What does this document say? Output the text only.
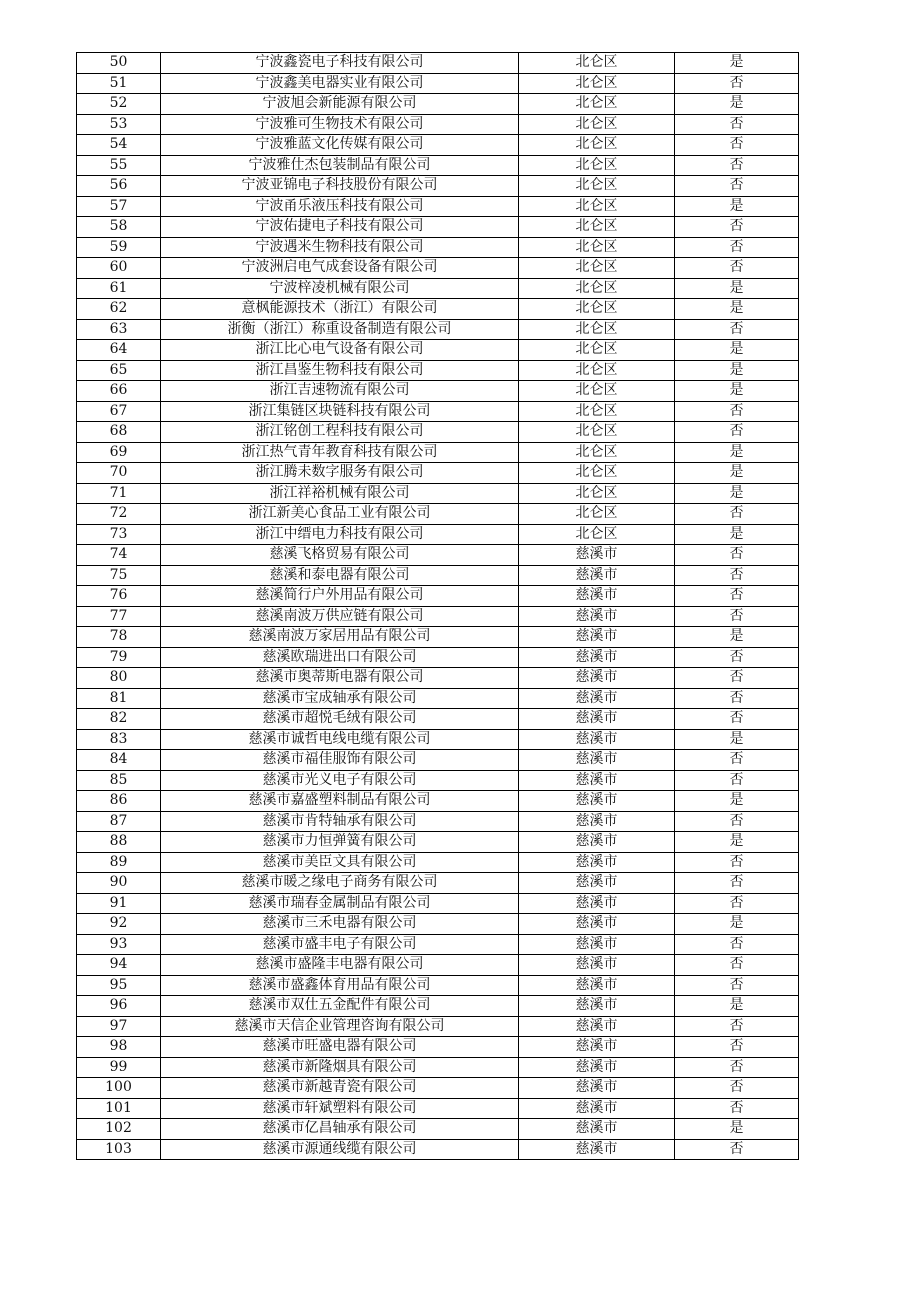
50	宁波鑫瓷电子科技有限公司	北仑区	是
51	宁波鑫美电器实业有限公司	北仑区	否
52	宁波旭会新能源有限公司	北仑区	是
53	宁波雅可生物技术有限公司	北仑区	否
54	宁波雅蓝文化传媒有限公司	北仑区	否
55	宁波雅仕杰包装制品有限公司	北仑区	否
56	宁波亚锦电子科技股份有限公司	北仑区	否
57	宁波甬乐液压科技有限公司	北仑区	是
58	宁波佑捷电子科技有限公司	北仑区	否
59	宁波遇米生物科技有限公司	北仑区	否
60	宁波洲启电气成套设备有限公司	北仑区	否
61	宁波梓凌机械有限公司	北仑区	是
62	意枫能源技术（浙江）有限公司	北仑区	是
63	浙衡（浙江）称重设备制造有限公司	北仑区	否
64	浙江比心电气设备有限公司	北仑区	是
65	浙江昌鉴生物科技有限公司	北仑区	是
66	浙江吉速物流有限公司	北仑区	是
67	浙江集链区块链科技有限公司	北仑区	否
68	浙江铭创工程科技有限公司	北仑区	否
69	浙江热气青年教育科技有限公司	北仑区	是
70	浙江腾未数字服务有限公司	北仑区	是
71	浙江祥裕机械有限公司	北仑区	是
72	浙江新美心食品工业有限公司	北仑区	否
73	浙江中缙电力科技有限公司	北仑区	是
74	慈溪飞格贸易有限公司	慈溪市	否
75	慈溪和泰电器有限公司	慈溪市	否
76	慈溪简行户外用品有限公司	慈溪市	否
77	慈溪南波万供应链有限公司	慈溪市	否
78	慈溪南波万家居用品有限公司	慈溪市	是
79	慈溪欧瑞进出口有限公司	慈溪市	否
80	慈溪市奥蒂斯电器有限公司	慈溪市	否
81	慈溪市宝成轴承有限公司	慈溪市	否
82	慈溪市超悦毛绒有限公司	慈溪市	否
83	慈溪市诚哲电线电缆有限公司	慈溪市	是
84	慈溪市福佳服饰有限公司	慈溪市	否
85	慈溪市光义电子有限公司	慈溪市	否
86	慈溪市嘉盛塑料制品有限公司	慈溪市	是
87	慈溪市肯特轴承有限公司	慈溪市	否
88	慈溪市力恒弹簧有限公司	慈溪市	是
89	慈溪市美臣文具有限公司	慈溪市	否
90	慈溪市暖之缘电子商务有限公司	慈溪市	否
91	慈溪市瑞春金属制品有限公司	慈溪市	否
92	慈溪市三禾电器有限公司	慈溪市	是
93	慈溪市盛丰电子有限公司	慈溪市	否
94	慈溪市盛隆丰电器有限公司	慈溪市	否
95	慈溪市盛鑫体育用品有限公司	慈溪市	否
96	慈溪市双仕五金配件有限公司	慈溪市	是
97	慈溪市天信企业管理咨询有限公司	慈溪市	否
98	慈溪市旺盛电器有限公司	慈溪市	否
99	慈溪市新隆烟具有限公司	慈溪市	否
100	慈溪市新越青瓷有限公司	慈溪市	否
101	慈溪市轩斌塑料有限公司	慈溪市	否
102	慈溪市亿昌轴承有限公司	慈溪市	是
103	慈溪市源通线缆有限公司	慈溪市	否
